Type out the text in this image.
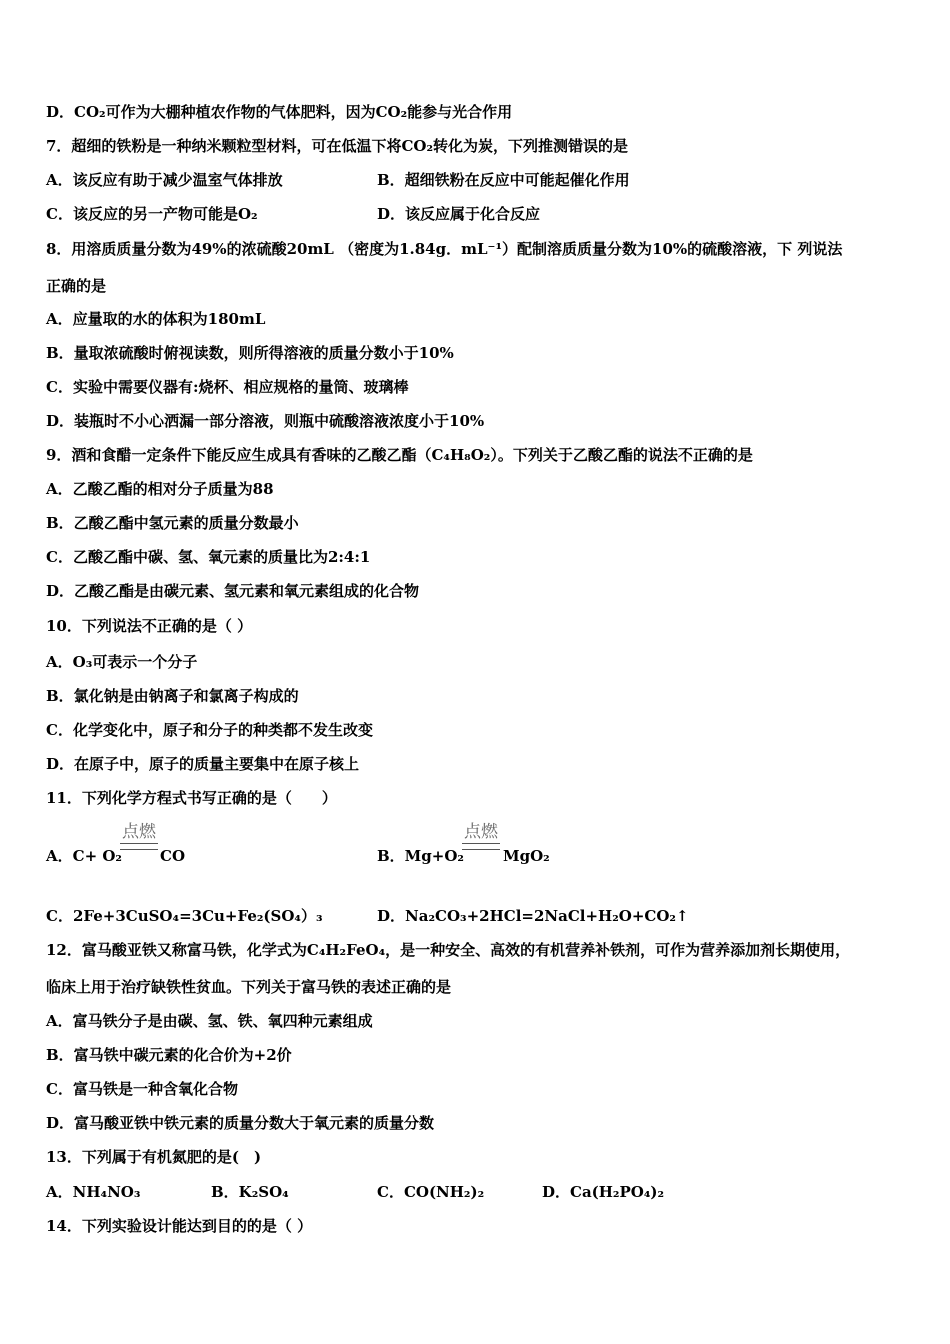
D．CO₂可作为大棚种植农作物的气体肥料，因为CO₂能参与光合作用
7．超细的铁粉是一种纳米颗粒型材料，可在低温下将CO₂转化为炭，下列推测错误的是
A．该反应有助于减少温室气体排放	B．超细铁粉在反应中可能起催化作用
C．该反应的另一产物可能是O₂	D．该反应属于化合反应
8．用溶质质量分数为49%的浓硫酸20mL （密度为1.84g．mL⁻¹）配制溶质质量分数为10%的硫酸溶液，下 列说法
正确的是
A．应量取的水的体积为180mL
B．量取浓硫酸时俯视读数，则所得溶液的质量分数小于10%
C．实验中需要仪器有:烧杯、相应规格的量筒、玻璃棒
D．装瓶时不小心洒漏一部分溶液，则瓶中硫酸溶液浓度小于10%
9．酒和食醋一定条件下能反应生成具有香味的乙酸乙酯（C₄H₈O₂）。下列关于乙酸乙酯的说法不正确的是
A．乙酸乙酯的相对分子质量为88
B．乙酸乙酯中氢元素的质量分数最小
C．乙酸乙酯中碳、氢、氧元素的质量比为2:4:1
D．乙酸乙酯是由碳元素、氢元素和氧元素组成的化合物
10．下列说法不正确的是（ ）
A．O₃可表示一个分子
B．氯化钠是由钠离子和氯离子构成的
C．化学变化中，原子和分子的种类都不发生改变
D．在原子中，原子的质量主要集中在原子核上
11．下列化学方程式书写正确的是（　　）
A．C+ O₂
点燃
CO	B．Mg+O₂
点燃
MgO₂
C．2Fe+3CuSO₄=3Cu+Fe₂(SO₄）₃	D．Na₂CO₃+2HCl=2NaCl+H₂O+CO₂↑
12．富马酸亚铁又称富马铁，化学式为C₄H₂FeO₄，是一种安全、高效的有机营养补铁剂，可作为营养添加剂长期使用，
临床上用于治疗缺铁性贫血。下列关于富马铁的表述正确的是
A．富马铁分子是由碳、氢、铁、氧四种元素组成
B．富马铁中碳元素的化合价为+2价
C．富马铁是一种含氧化合物
D．富马酸亚铁中铁元素的质量分数大于氧元素的质量分数
13．下列属于有机氮肥的是(　)
A．NH₄NO₃	B．K₂SO₄	C．CO(NH₂)₂	D．Ca(H₂PO₄)₂
14．下列实验设计能达到目的的是（ ）
